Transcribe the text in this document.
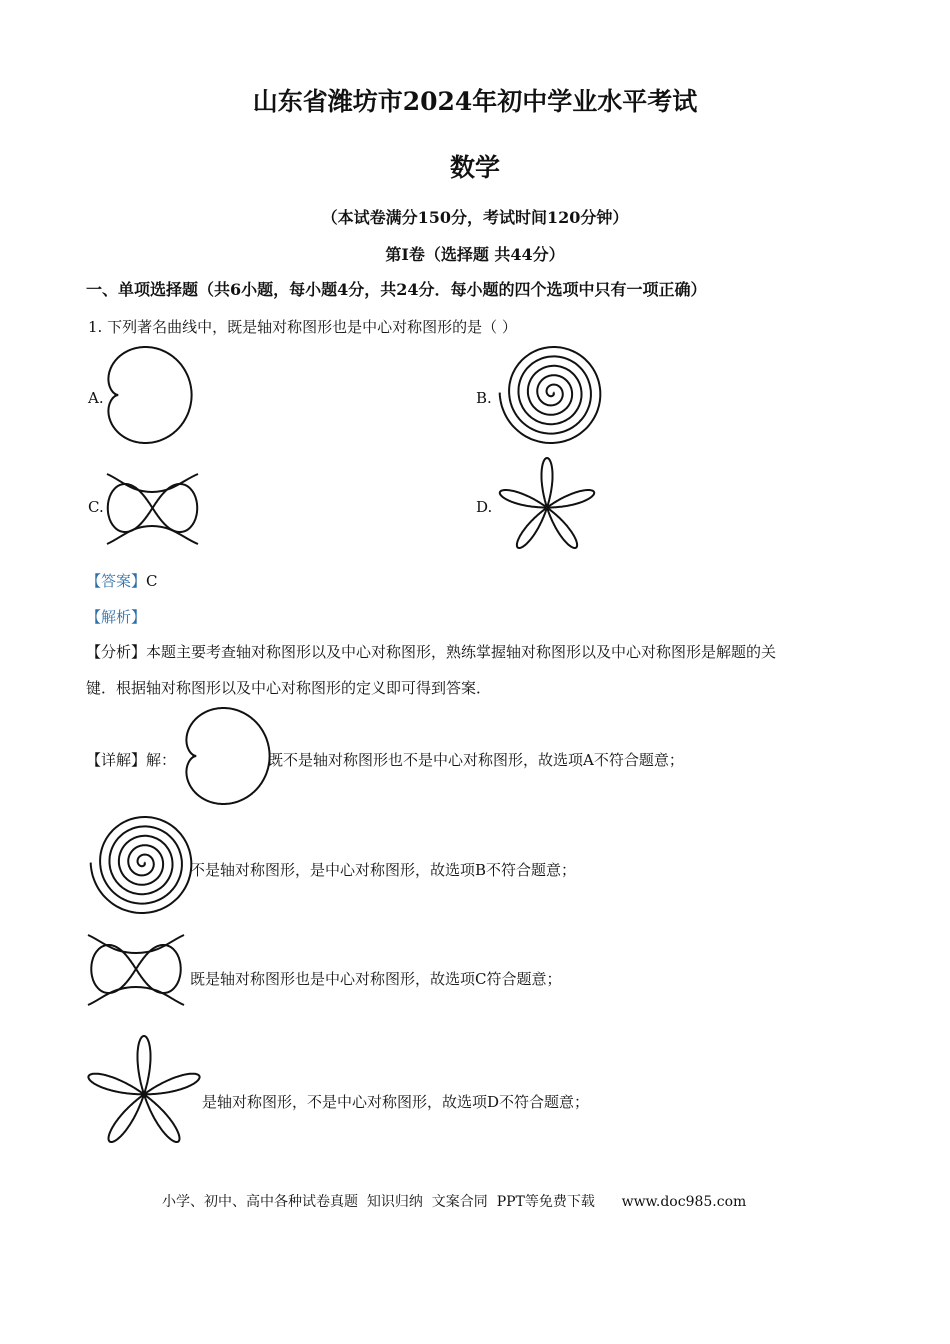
山东省潍坊市2024年初中学业水平考试
数学
（本试卷满分150分，考试时间120分钟）
第Ⅰ卷（选择题 共44分）
一、单项选择题（共6小题，每小题4分，共24分．每小题的四个选项中只有一项正确）
1. 下列著名曲线中，既是轴对称图形也是中心对称图形的是（ ）
A.	B.
C.	D.
【答案】C
【解析】
【分析】本题主要考查轴对称图形以及中心对称图形，熟练掌握轴对称图形以及中心对称图形是解题的关
键．根据轴对称图形以及中心对称图形的定义即可得到答案．
【详解】解：	既不是轴对称图形也不是中心对称图形，故选项A不符合题意；
不是轴对称图形，是中心对称图形，故选项B不符合题意；
既是轴对称图形也是中心对称图形，故选项C符合题意；
是轴对称图形，不是中心对称图形，故选项D不符合题意；
小学、初中、高中各种试卷真题  知识归纳  文案合同  PPT等免费下载 www.doc985.com
